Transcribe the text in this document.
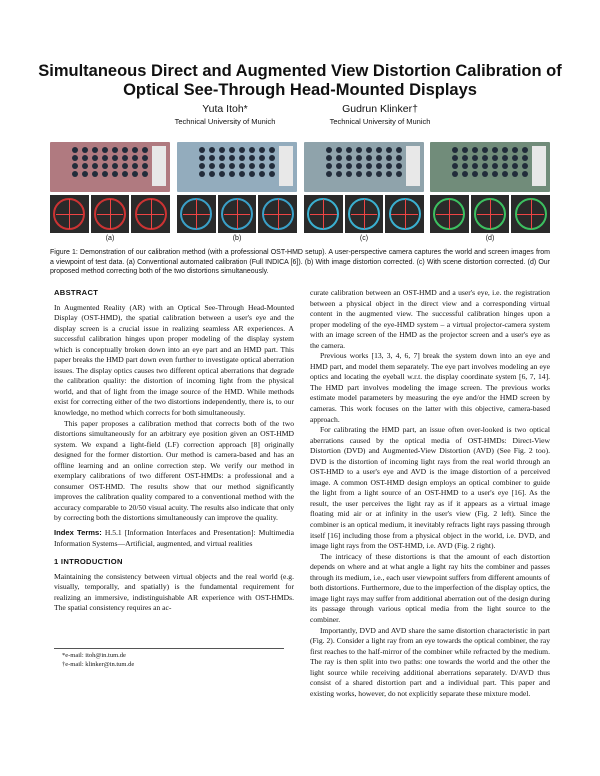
Simultaneous Direct and Augmented View Distortion Calibration of
Optical See-Through Head-Mounted Displays
Yuta Itoh*
Technical University of Munich
Gudrun Klinker†
Technical University of Munich
(a)	(b)	(c)	(d)
Figure 1: Demonstration of our calibration method (with a professional OST-HMD setup). A user-perspective camera captures the world and screen images from a viewpoint of test data. (a) Conventional automated calibration (Full INDICA [6]). (b) With image distortion corrected. (c) With scene distortion corrected. (d) Our proposed method correcting both of the two distortions simultaneously.
ABSTRACT

In Augmented Reality (AR) with an Optical See-Through Head-Mounted Display (OST-HMD), the spatial calibration between a user's eye and the display screen is a crucial issue in realizing seamless AR experiences. A successful calibration hinges upon proper modeling of the display system which is conceptually broken down into an eye part and an HMD part. This paper breaks the HMD part down even further to investigate optical aberration issues. The display optics causes two different optical aberrations that degrade the calibration quality: the distortion of incoming light from the physical world, and that of light from the image source of the HMD. While methods exist for correcting either of the two distortions independently, there is, to our knowledge, no method which corrects for both simultaneously.

This paper proposes a calibration method that corrects both of the two distortions simultaneously for an arbitrary eye position given an OST-HMD system. We expand a light-field (LF) correction approach [8] originally designed for the former distortion. Our method is camera-based and has an offline learning and an online correction step. We verify our method in exemplary calibrations of two different OST-HMDs: a professional and a consumer OST-HMD. The results show that our method significantly improves the calibration quality compared to a conventional method with the accuracy comparable to 20/50 visual acuity. The results also indicate that only by correcting both the distortions simultaneously can improve the quality.

Index Terms: H.5.1 [Information Interfaces and Presentation]: Multimedia Information Systems—Artificial, augmented, and virtual realities

1 INTRODUCTION

Maintaining the consistency between virtual objects and the real world (e.g. visually, temporally, and spatially) is the fundamental requirement for realizing an immersive, indistinguishable AR experience with OST-HMDs. The spatial consistency requires an ac-

*e-mail: itoh@in.tum.de
†e-mail: klinker@in.tum.de

curate calibration between an OST-HMD and a user's eye, i.e. the registration between a physical object in the direct view and a corresponding virtual content in the augmented view. The successful calibration hinges upon a proper modeling of the eye-HMD system – a virtual projector-camera system with an image screen of the HMD as the projector screen and a user's eye as the camera.

Previous works [13, 3, 4, 6, 7] break the system down into an eye and HMD part, and model them separately. The eye part involves modeling an eye optics and locating the eyeball w.r.t. the display coordinate system [6, 7, 14]. The HMD part involves modeling the image screen. The previous works estimate model parameters by measuring the eye and/or the HMD screen by cameras. This work focuses on the latter with this objective, camera-based approach.

For calibrating the HMD part, an issue often over-looked is two optical aberrations caused by the optical media of OST-HMDs: Direct-View Distortion (DVD) and Augmented-View Distortion (AVD) (See Fig. 2 too). DVD is the distortion of incoming light rays from the real world through an OST-HMD to a user's eye and AVD is the image distortion of a perceived image. A common OST-HMD design employs an optical combiner to guide the light from a light source of an OST-HMD to a user's eye [16]. As the result, the user perceives the light ray as if it appears as a virtual image floating mid air or at infinity in the user's view (Fig. 2 left). Since the combiner is an optical medium, it inevitably refracts light rays passing through itself [16] including those from a physical object in the world, i.e. DVD, and image light rays from the OST-HMD, i.e. AVD (Fig. 2 right).

The intricacy of these distortions is that the amount of each distortion depends on where and at what angle a light ray hits the combiner and passes through its medium, i.e., each user viewpoint suffers from different amounts of both distortions. Furthermore, due to the imperfection of the display optics, the image light rays may suffer from additional aberration out of the design during its passage through various optical media from the light source to the combiner.

Importantly, DVD and AVD share the same distortion characteristic in part (Fig. 2). Consider a light ray from an eye towards the optical combiner, the ray first reaches to the half-mirror of the combiner while refracted by the medium. The ray is then split into two paths: one towards the world and the other the light source while receiving additional aberrations separately. D/AVD thus consist of a shared distortion part and a individual part. This paper and existing works, however, do not explicitly separate these mixture model.
